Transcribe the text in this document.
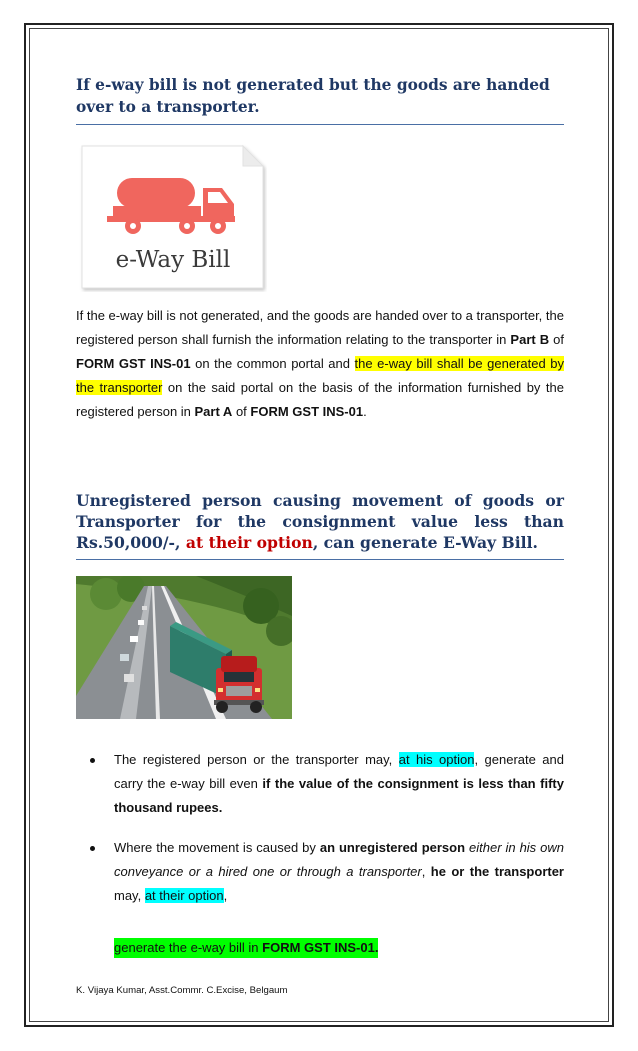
If e-way bill is not generated but the goods are handed over to a transporter.
e-Way Bill
If the e-way bill is not generated, and the goods are handed over to a transporter, the registered person shall furnish the information relating to the transporter in Part B of FORM GST INS-01 on the common portal and the e-way bill shall be generated by the transporter on the said portal on the basis of the information furnished by the registered person in Part A of FORM GST INS-01.
Unregistered person causing movement of goods or Transporter for the consignment value less than Rs.50,000/-, at their option, can generate E-Way Bill.
The registered person or the transporter may, at his option, generate and carry the e-way bill even if the value of the consignment is less than fifty thousand rupees.
Where the movement is caused by an unregistered person either in his own conveyance or a hired one or through a transporter, he or the transporter may, at their option,
generate the e-way bill in FORM GST INS-01.
K. Vijaya Kumar, Asst.Commr. C.Excise, Belgaum
